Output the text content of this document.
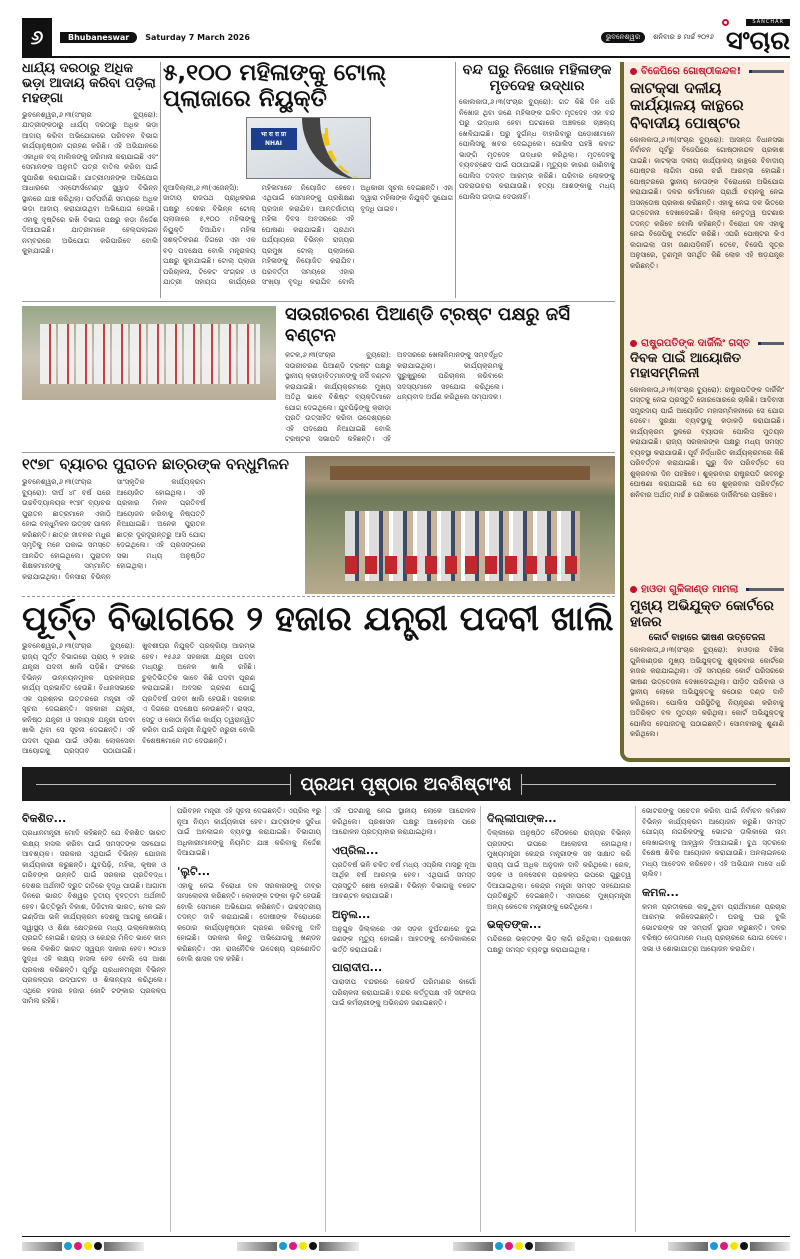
୬	Bhubaneswar	Saturday 7 March 2026	ଭୁବନେଶ୍ୱର	ଶନିବାର ୭ ମାର୍ଚ୍ଚ ୨୦୨୬
SANCHAR
ସଂଚାର
ଧାର୍ଯ୍ୟ ଦରଠାରୁ ଅଧିକ ଭଡ଼ା ଆଦାୟ କରିବା ପଡ଼ିଲା ମହଙ୍ଗା
ଭୁବନେଶ୍ୱର,୬।୩(ସଂଚାର ବ୍ୟୁରୋ): ଯାତ୍ରୀଙ୍କଠାରୁ ଧାର୍ଯ୍ୟ ଦରଠାରୁ ଅଧିକ ଭଡ଼ା ଆଦାୟ କରିବା ଅଭିଯୋଗରେ ପରିବହନ ବିଭାଗ କାର୍ଯ୍ୟାନୁଷ୍ଠାନ ଗ୍ରହଣ କରିଛି। ଏହି ଅଭିଯାନରେ ଏକାଧିକ ବସ୍ ମାଲିକଙ୍କୁ ଜରିମାନା କରାଯାଇଛି ଏବଂ ସେମାନଙ୍କ ଅନୁମତି ପତ୍ର ବାତିଲ କରିବା ପାଇଁ ସୁପାରିଶ କରାଯାଇଛି। ଯାତ୍ରୀମାନଙ୍କ ଅଭିଯୋଗ ଆଧାରରେ ଏନ୍ଫୋର୍ସମେଣ୍ଟ ସ୍କ୍ୱାଡ ବିଭିନ୍ନ ସ୍ଥାନରେ ଯାଞ୍ଚ କରିଥିଲା। ପର୍ବପର୍ବାଣି ସମୟରେ ଅଧିକ ଭଡ଼ା ଆଦାୟ କରାଯାଉଥିବା ଅଭିଯୋଗ ହେଉଛି। ଏହାକୁ ଦୃଷ୍ଟିରେ ରଖି ବିଭାଗ ପକ୍ଷରୁ କଡ଼ା ନିର୍ଦ୍ଦେଶ ଦିଆଯାଇଛି। ଯାତ୍ରୀମାନେ ହେଲ୍ପଲାଇନ ନମ୍ବରରେ ଅଭିଯୋଗ କରିପାରିବେ ବୋଲି କୁହାଯାଇଛି।
୫,୧୦୦ ମହିଳାଙ୍କୁ ଟୋଲ୍ ପ୍ଲାଜାରେ ନିୟୁକ୍ତି
भा रा रा प्रा NHAI
ନୂଆଦିଲ୍ଲୀ,୬।୩(ଏଜେନ୍ସି): ଜାତୀୟ ରାଜପଥ ପ୍ରାଧିକରଣ ପକ୍ଷରୁ ଦେଶର ବିଭିନ୍ନ ଟୋଲ୍ ପ୍ଲାଜାରେ ୫,୧୦୦ ମହିଳାଙ୍କୁ ନିୟୁକ୍ତି ଦିଆଯିବ। ମହିଳା ସଶକ୍ତିକରଣ ଦିଗରେ ଏହା ଏକ ବଡ଼ ପଦକ୍ଷେପ ବୋଲି ମନ୍ତ୍ରାଳୟ ପକ୍ଷରୁ କୁହାଯାଇଛି। ଟୋଲ୍ ପ୍ଲାଜା ପରିଚାଳନା, ଟିକେଟ ସଂଗ୍ରହ ଓ ଯାତ୍ରୀ ସହାୟତା କାର୍ଯ୍ୟରେ ମହିଳାମାନେ ନିୟୋଜିତ ହେବେ। ଏଥିପାଇଁ ସେମାନଙ୍କୁ ପ୍ରଶିକ୍ଷଣ ପ୍ରଦାନ କରାଯିବ। ଆନ୍ତର୍ଜାତୀୟ ମହିଳା ଦିବସ ଅବସରରେ ଏହି ଘୋଷଣା କରାଯାଇଛି। ପ୍ରଥମ ପର୍ଯ୍ୟାୟରେ ବିଭିନ୍ନ ରାଜ୍ୟର ପ୍ରମୁଖ ଟୋଲ୍ ପ୍ଲାଜାରେ ମହିଳାଙ୍କୁ ନିୟୋଜିତ କରାଯିବ। ପରବର୍ତ୍ତୀ ସମୟରେ ଏହାର ସଂଖ୍ୟା ବୃଦ୍ଧି କରାଯିବ ବୋଲି ଅଧିକାରୀ ସୂଚନା ଦେଇଛନ୍ତି। ଏହା ଦ୍ୱାରା ମହିଳାଙ୍କ ନିଯୁକ୍ତି ସୁଯୋଗ ବୃଦ୍ଧି ପାଇବ।
ବନ୍ଦ ଘରୁ ନିଖୋଜ ମହିଳାଙ୍କ ମୃତଦେହ ଉଦ୍ଧାର
କୋଲକାତା,୬।୩(ସଂଚାର ବ୍ୟୁରୋ): ଗତ କିଛି ଦିନ ଧରି ନିଖୋଜ ଥିବା ଜଣେ ମହିଳାଙ୍କ ଗଳିତ ମୃତଦେହ ଏକ ବନ୍ଦ ଘରୁ ଉଦ୍ଧାର ହେବା ଘଟଣାରେ ଅଞ୍ଚଳରେ ଚାଞ୍ଚଲ୍ୟ ଖେଳିଯାଇଛି। ଘରୁ ଦୁର୍ଗନ୍ଧ ବାହାରିବାରୁ ପଡ଼ୋଶୀମାନେ ପୋଲିସକୁ ଖବର ଦେଇଥିଲେ। ପୋଲିସ ପହଞ୍ଚି କବାଟ ଭାଙ୍ଗି ମୃତଦେହ ଉଦ୍ଧାର କରିଥିଲା। ମୃତଦେହକୁ ବ୍ୟବଚ୍ଛେଦ ପାଇଁ ପଠାଯାଇଛି। ମୃତ୍ୟୁର କାରଣ ଜାଣିବାକୁ ପୋଲିସ ତଦନ୍ତ ଆରମ୍ଭ କରିଛି। ପରିବାର ଲୋକଙ୍କୁ ପଚରାଉଚରା କରାଯାଉଛି। ହତ୍ୟା ଆଶଙ୍କାକୁ ମଧ୍ୟ ପୋଲିସ ଉଡ଼ାଇ ଦେଉନାହିଁ।
ବିଜେପିରେ ଗୋଷ୍ଠୀକନ୍ଦଳ!
କାଟକ୍ସା ଦଳୀୟ କାର୍ଯ୍ୟାଳୟ କାନ୍ଥରେ ବିବାଦୀୟ ପୋଷ୍ଟର
କୋଲକାତା,୬।୩(ସଂଚାର ବ୍ୟୁରୋ): ଆସନ୍ତା ବିଧାନସଭା ନିର୍ବାଚନ ପୂର୍ବରୁ ବିଜେପିରେ ଗୋଷ୍ଠୀକନ୍ଦଳ ପ୍ରକାଶ ପାଇଛି। କାଟକ୍ସା ଦଳୀୟ କାର୍ଯ୍ୟାଳୟ କାନ୍ଥରେ ବିବାଦୀୟ ପୋଷ୍ଟର ଲାଗିବା ପରେ ଚର୍ଚ୍ଚା ଆରମ୍ଭ ହୋଇଛି। ପୋଷ୍ଟରରେ ସ୍ଥାନୀୟ ନେତାଙ୍କ ବିରୋଧରେ ଅଭିଯୋଗ କରାଯାଇଛି। ଦଳର କର୍ମୀମାନେ ପ୍ରାର୍ଥୀ ଚୟନକୁ ନେଇ ଅସନ୍ତୋଷ ପ୍ରକାଶ କରିଛନ୍ତି। ଏହାକୁ ନେଇ ଦଳ ଭିତରେ ଉତ୍ତେଜନା ଦେଖାଦେଇଛି। ଜିଲ୍ଲା ନେତୃତ୍ୱ ଘଟଣାର ତଦନ୍ତ କରିବେ ବୋଲି କହିଛନ୍ତି। ବିରୋଧୀ ଦଳ ଏହାକୁ ନେଇ ବିଜେପିକୁ ଟାର୍ଗେଟ କରିଛି। ଏପରି ପୋଷ୍ଟର କିଏ ଲଗାଇଲା ତାହା ଜଣାପଡ଼ିନାହିଁ। ତେବେ, ବିଜେପି ସୂତ୍ର ଅନୁସାରେ, ତୃଣମୂଳ ସମର୍ଥିତ କିଛି ଲୋକ ଏହି ଷଡ଼ଯନ୍ତ୍ର କରିଛନ୍ତି।
ରାଷ୍ଟ୍ରପତିଙ୍କ ଦାର୍ଜିଲିଂ ଗସ୍ତ
ଦିବକ ପାଇଁ ଆୟୋଜିତ ମହାସମ୍ମିଳନୀ
କୋଲକାତା,୬।୩(ସଂଚାର ବ୍ୟୁରୋ): ରାଷ୍ଟ୍ରପତିଙ୍କ ଦାର୍ଜିଲିଂ ଗସ୍ତକୁ ନେଇ ପ୍ରସ୍ତୁତି ଜୋରସୋରରେ ଚାଲିଛି। ଆଦିବାସୀ ସମ୍ପ୍ରଦାୟ ପାଇଁ ଆୟୋଜିତ ମହାସମ୍ମିଳନୀରେ ସେ ଯୋଗ ଦେବେ। ସୁରକ୍ଷା ବ୍ୟବସ୍ଥାକୁ କଡ଼ାକଡ଼ି କରାଯାଇଛି। କାର୍ଯ୍ୟକ୍ରମ ସ୍ଥଳରେ ବ୍ୟାପକ ପୋଲିସ ମୁତୟନ କରାଯାଇଛି। ରାଜ୍ୟ ସରକାରଙ୍କ ପକ୍ଷରୁ ମଧ୍ୟ ସମସ୍ତ ବ୍ୟବସ୍ଥା କରାଯାଉଛି। ପୂର୍ବ ନିର୍ଦ୍ଧାରିତ କାର୍ଯ୍ୟକ୍ରମରେ କିଛି ପରିବର୍ତ୍ତନ କରାଯାଇଛି। ଗୁରୁ ଦିନ ପରିବର୍ତ୍ତେ ସେ ଶୁକ୍ରବାର ଦିନ ପହଞ୍ଚିବେ। ଶୁକ୍ରବାର ରାଷ୍ଟ୍ରପତି ଭବନରୁ ଘୋଷଣା କରାଯାଇଛି ଯେ ସେ ଶୁକ୍ରବାର ପରିବର୍ତ୍ତେ ଶନିବାର ଅର୍ଥାତ୍ ମାର୍ଚ୍ଚ ୭ ତାରିଖରେ ଦାର୍ଜିଲିଂରେ ପହଞ୍ଚିବେ।
ହାଓଡା ଗୁଳିକାଣ୍ଡ ମାମଲା
ମୁଖ୍ୟ ଅଭିଯୁକ୍ତ କୋର୍ଟରେ ହାଜର
କୋର୍ଟ ବାହାରେ ଭୀଷଣ ଉତ୍ତେଜନା
କୋଲକାତା,୬।୩(ସଂଚାର ବ୍ୟୁରୋ): ହାଓଡ଼ାର ଚିଞ୍ଚିଳା ଗୁଳିକାଣ୍ଡର ମୁଖ୍ୟ ଅଭିଯୁକ୍ତକୁ ଶୁକ୍ରବାର କୋର୍ଟରେ ହାଜର କରାଯାଇଥିଲା। ଏହି ସମୟରେ କୋର୍ଟ ପରିସରରେ ଭୀଷଣ ଉତ୍ତେଜନା ଦେଖାଦେଇଥିଲା। ପୀଡ଼ିତ ପରିବାର ଓ ସ୍ଥାନୀୟ ଲୋକେ ଅଭିଯୁକ୍ତକୁ କଠୋର ଦଣ୍ଡ ଦାବି କରିଥିଲେ। ପୋଲିସ ପରିସ୍ଥିତିକୁ ନିୟନ୍ତ୍ରଣ କରିବାକୁ ଅତିରିକ୍ତ ବଳ ମୁତୟନ କରିଥିଲା। କୋର୍ଟ ଅଭିଯୁକ୍ତକୁ ପୋଲିସ ହେପାଜତକୁ ପଠାଇଛନ୍ତି। ସୋମବାରକୁ ଶୁଣାଣି କରିଥିଲେ।
ସଉରୀଚରଣ ପିଆଣ୍ଡି ଟ୍ରଷ୍ଟ ପକ୍ଷରୁ ଜର୍ସି ବଣ୍ଟନ
କଟକ,୬।୩(ସଂଚାର ବ୍ୟୁରୋ): ସଉରୀଚରଣ ପିଆଣ୍ଡି ଟ୍ରଷ୍ଟ ପକ୍ଷରୁ ସ୍ଥାନୀୟ କ୍ରୀଡ଼ାବିତ୍ମାନଙ୍କୁ ଜର୍ସି ବଣ୍ଟନ କରାଯାଇଛି। କାର୍ଯ୍ୟକ୍ରମରେ ମୁଖ୍ୟ ଅତିଥି ଭାବେ ବିଶିଷ୍ଟ ବ୍ୟକ୍ତିମାନେ ଯୋଗ ଦେଇଥିଲେ। ଯୁବପିଢ଼ିଙ୍କୁ କ୍ରୀଡ଼ା ପ୍ରତି ଉତ୍ସାହିତ କରିବା ଉଦ୍ଦେଶ୍ୟରେ ଏହି ପଦକ୍ଷେପ ନିଆଯାଇଛି ବୋଲି ଟ୍ରଷ୍ଟର ସଭାପତି କହିଛନ୍ତି। ଏହି ଅବସରରେ ଖେଳାଳିମାନଙ୍କୁ ସମ୍ବର୍ଦ୍ଧିତ କରାଯାଇଥିଲା। କାର୍ଯ୍ୟକ୍ରମକୁ ସୁରୁଖୁରୁରେ ପରିଚାଳନା କରିବାରେ ସଦସ୍ୟମାନେ ସହଯୋଗ କରିଥିଲେ। ଧନ୍ୟବାଦ ଅର୍ପଣ କରିଥିଲେ ସମ୍ପାଦକ।
୧୯୭୮ ବ୍ୟାଚର ପୁରାତନ ଛାତ୍ରଙ୍କ ବନ୍ଧୁମିଳନ
ଭୁବନେଶ୍ୱର,୬।୩(ସଂଚାର ବ୍ୟୁରୋ): ଦୀର୍ଘ ୪୮ ବର୍ଷ ପରେ ଉଚ୍ଚବିଦ୍ୟାଳୟର ୧୯୭୮ ବ୍ୟାଚର ପୁରାତନ ଛାତ୍ରମାନେ ଏକାଠି ହୋଇ ବନ୍ଧୁମିଳନ ଉତ୍ସବ ପାଳନ କରିଛନ୍ତି। ଛାତ୍ର ଜୀବନର ମଧୁର ସ୍ମୃତିକୁ ମନେ ପକାଇ ସମସ୍ତେ ଆନନ୍ଦିତ ହୋଇଥିଲେ। ପୁରାତନ ଶିକ୍ଷକମାନଙ୍କୁ ସମ୍ମାନିତ କରାଯାଇଥିଲା। ଦିନସାରା ବିଭିନ୍ନ ସାଂସ୍କୃତିକ କାର୍ଯ୍ୟକ୍ରମ ଆୟୋଜିତ ହୋଇଥିଲା। ଏହି ପ୍ରକାର ମିଳନ ପ୍ରତିବର୍ଷ ଆୟୋଜନ କରିବାକୁ ନିଷ୍ପତ୍ତି ନିଆଯାଇଛି। ଅନେକ ପୁରାତନ ଛାତ୍ର ଦୂରଦୂରାନ୍ତରୁ ଆସି ଯୋଗ ଦେଇଥିଲେ। ଏହି ପ୍ରସଙ୍ଗରେ ସଭା ମଧ୍ୟ ଅନୁଷ୍ଠିତ ହୋଇଥିଲା।
ପୂର୍ତ୍ତ ବିଭାଗରେ ୨ ହଜାର ଯନ୍ତ୍ରୀ ପଦବୀ ଖାଲି
ଭୁବନେଶ୍ୱର,୬।୩(ସଂଚାର ବ୍ୟୁରୋ): ରାଜ୍ୟ ପୂର୍ତ୍ତ ବିଭାଗରେ ପ୍ରାୟ ୨ ହଜାର ଯନ୍ତ୍ରୀ ପଦବୀ ଖାଲି ପଡ଼ିଛି। ଫଳରେ ବିଭିନ୍ନ ଉନ୍ନୟନମୂଳକ ପ୍ରକଳ୍ପର କାର୍ଯ୍ୟ ପ୍ରଭାବିତ ହେଉଛି। ବିଧାନସଭାରେ ଏକ ପ୍ରଶ୍ନର ଉତ୍ତରରେ ମନ୍ତ୍ରୀ ଏହି ସୂଚନା ଦେଇଛନ୍ତି। ସହକାରୀ ଯନ୍ତ୍ରୀ, କନିଷ୍ଠ ଯନ୍ତ୍ରୀ ଓ ସହାୟକ ଯନ୍ତ୍ରୀ ପଦବୀ ଖାଲି ଥିବା ସେ ସୂଚନା ଦେଇଛନ୍ତି। ଏହି ପଦବୀ ପୂରଣ ପାଇଁ ଓଡ଼ିଶା ଲୋକସେବା ଆୟୋଗକୁ ପ୍ରସ୍ତାବ ପଠାଯାଇଛି। ଖୁବଶୀଘ୍ର ନିଯୁକ୍ତି ପ୍ରକ୍ରିୟା ଆରମ୍ଭ ହେବ। ୧୫୬୬ ସହକାରୀ ଯନ୍ତ୍ରୀ ପଦବୀ ମଧ୍ୟରୁ ଅନେକ ଖାଲି ରହିଛି। ଚୁକ୍ତିଭିତ୍ତିକ ଭାବେ କିଛି ପଦବୀ ପୂରଣ କରାଯାଇଛି। ଅବସର ଗ୍ରହଣ ଯୋଗୁଁ ପ୍ରତିବର୍ଷ ପଦବୀ ଖାଲି ହେଉଛି। ସରକାର ଏ ଦିଗରେ ପଦକ୍ଷେପ ନେଉଛନ୍ତି। ରାସ୍ତା, ସେତୁ ଓ କୋଠା ନିର୍ମାଣ କାର୍ଯ୍ୟ ତ୍ୱରାନ୍ୱିତ କରିବା ପାଇଁ ଯନ୍ତ୍ରୀ ନିଯୁକ୍ତି ଜରୁରୀ ବୋଲି ବିଶେଷଜ୍ଞମାନେ ମତ ଦେଉଛନ୍ତି।
ପ୍ରଥମ ପୃଷ୍ଠାର ଅବଶିଷ୍ଟାଂଶ
ବିକଶିତ...
ପ୍ରଧାନମନ୍ତ୍ରୀ ମୋଦି କହିଛନ୍ତି ଯେ ବିକଶିତ ଭାରତ ଲକ୍ଷ୍ୟ ହାସଲ କରିବା ପାଇଁ ସମସ୍ତଙ୍କ ସହଯୋଗ ଆବଶ୍ୟକ। ସରକାର ଏଥିପାଇଁ ବିଭିନ୍ନ ଯୋଜନା କାର୍ଯ୍ୟକାରୀ କରୁଛନ୍ତି। ଯୁବପିଢ଼ି, ମହିଳା, କୃଷକ ଓ ଗରିବଙ୍କ ଉନ୍ନତି ପାଇଁ ସରକାର ପ୍ରତିବଦ୍ଧ। ଦେଶର ଅର୍ଥନୀତି ଦ୍ରୁତ ଗତିରେ ବୃଦ୍ଧି ପାଉଛି। ଆଗାମୀ ଦିନରେ ଭାରତ ବିଶ୍ୱର ତୃତୀୟ ବୃହତ୍ତମ ଅର୍ଥନୀତି ହେବ। ଭିତ୍ତିଭୂମି ବିକାଶ, ଡିଜିଟାଲ ଭାରତ, ମେକ ଇନ ଇଣ୍ଡିଆ ଭଳି କାର୍ଯ୍ୟକ୍ରମ ଦେଶକୁ ଆଗକୁ ନେଉଛି। ସ୍ୱାସ୍ଥ୍ୟ ଓ ଶିକ୍ଷା କ୍ଷେତ୍ରରେ ମଧ୍ୟ ଉଲ୍ଲେଖନୀୟ ପ୍ରଗତି ହୋଇଛି। ରାଜ୍ୟ ଓ କେନ୍ଦ୍ର ମିଳିତ ଭାବେ କାମ କଲେ ବିକଶିତ ଭାରତ ସ୍ୱପ୍ନ ସାକାର ହେବ। ୨୦୪୭ ସୁଦ୍ଧା ଏହି ଲକ୍ଷ୍ୟ ହାସଲ ହେବ ବୋଲି ସେ ଆଶା ପ୍ରକାଶ କରିଛନ୍ତି। ପୂର୍ବରୁ ପ୍ରଧାନମନ୍ତ୍ରୀ ବିଭିନ୍ନ ପ୍ରକଳ୍ପର ଉଦ୍‌ଘାଟନ ଓ ଶିଳାନ୍ୟାସ କରିଥିଲେ। ଏଥିରେ ହଜାର ହଜାର କୋଟି ଟଙ୍କାର ପ୍ରକଳ୍ପ ସାମିଲ ରହିଛି।
ପରିବହନ ମନ୍ତ୍ରୀ ଏହି ସୂଚନା ଦେଇଛନ୍ତି। ଏପ୍ରିଲ ୧ରୁ ନୂଆ ନିୟମ କାର୍ଯ୍ୟକାରୀ ହେବ। ଯାତ୍ରୀଙ୍କ ସୁବିଧା ପାଇଁ ଅନଲାଇନ ବ୍ୟବସ୍ଥା କରାଯାଇଛି। ବିଭାଗୀୟ ଅଧିକାରୀମାନଙ୍କୁ ନିୟମିତ ଯାଞ୍ଚ କରିବାକୁ ନିର୍ଦ୍ଦେଶ ଦିଆଯାଇଛି।
'ଲୁଟି...
ଏହାକୁ ନେଇ ବିରୋଧୀ ଦଳ ସରକାରଙ୍କୁ ତୀବ୍ର ସମାଲୋଚନା କରିଛନ୍ତି। ଲୋକଙ୍କ ଟଙ୍କା ଲୁଟି ହେଉଛି ବୋଲି ସେମାନେ ଅଭିଯୋଗ କରିଛନ୍ତି। ଉଚ୍ଚସ୍ତରୀୟ ତଦନ୍ତ ଦାବି କରାଯାଇଛି। ଦୋଷୀଙ୍କ ବିରୋଧରେ କଠୋର କାର୍ଯ୍ୟାନୁଷ୍ଠାନ ଗ୍ରହଣ କରିବାକୁ ଦାବି ହୋଇଛି। ସରକାର କିନ୍ତୁ ଅଭିଯୋଗକୁ ଖଣ୍ଡନ କରିଛନ୍ତି। ଏହା ରାଜନୈତିକ ଉଦ୍ଦେଶ୍ୟ ପ୍ରଣୋଦିତ ବୋଲି ଶାସକ ଦଳ କହିଛି।
ଏହି ଘଟଣାକୁ ନେଇ ସ୍ଥାନୀୟ ଲୋକେ ଆନ୍ଦୋଳନ କରିଥିଲେ। ପ୍ରଶାସନ ପକ୍ଷରୁ ଆଲୋଚନା ପରେ ଆନ୍ଦୋଳନ ପ୍ରତ୍ୟାହାର କରାଯାଇଥିଲା।
ଏପ୍ରିଲ...
ପ୍ରତିବର୍ଷ ଭଳି ଚଳିତ ବର୍ଷ ମଧ୍ୟ ଏପ୍ରିଲ ମାସରୁ ନୂଆ ଆର୍ଥିକ ବର୍ଷ ଆରମ୍ଭ ହେବ। ଏଥିପାଇଁ ସମସ୍ତ ପ୍ରସ୍ତୁତି ଶେଷ ହୋଇଛି। ବିଭିନ୍ନ ବିଭାଗକୁ ବଜେଟ ଆବଣ୍ଟନ କରାଯାଇଛି।
ଅନୁଲ...
ଅନୁଗୁଳ ଜିଲ୍ଲାରେ ଏକ ସଡ଼କ ଦୁର୍ଘଟଣାରେ ଦୁଇ ଜଣଙ୍କ ମୃତ୍ୟୁ ହୋଇଛି। ଆହତଙ୍କୁ ମେଡିକାଲରେ ଭର୍ତ୍ତି କରାଯାଇଛି।
ପାରାଦୀପ...
ପାରାଦୀପ ବନ୍ଦରରେ ରେକର୍ଡ ପରିମାଣର କାର୍ଗୋ ପରିଚାଳନା କରାଯାଇଛି। ବନ୍ଦର କର୍ତ୍ତୃପକ୍ଷ ଏହି ସଫଳତା ପାଇଁ କର୍ମଚାରୀଙ୍କୁ ଅଭିନନ୍ଦନ ଜଣାଇଛନ୍ତି।
ଦିଲ୍ଲୀପାଙ୍କ...
ଦିଲ୍ଲୀରେ ଅନୁଷ୍ଠିତ ବୈଠକରେ ରାଜ୍ୟର ବିଭିନ୍ନ ପ୍ରସଙ୍ଗ ଉପରେ ଆଲୋଚନା ହୋଇଥିଲା। ମୁଖ୍ୟମନ୍ତ୍ରୀ କେନ୍ଦ୍ର ମନ୍ତ୍ରୀଙ୍କ ସହ ସାକ୍ଷାତ କରି ରାଜ୍ୟ ପାଇଁ ଅଧିକ ଅନୁଦାନ ଦାବି କରିଥିଲେ। ରେଳ, ସଡ଼କ ଓ ଜଳସେଚନ ପ୍ରକଳ୍ପ ଉପରେ ଗୁରୁତ୍ୱ ଦିଆଯାଇଥିଲା। କେନ୍ଦ୍ର ମନ୍ତ୍ରୀ ସମସ୍ତ ସହଯୋଗର ପ୍ରତିଶ୍ରୁତି ଦେଇଛନ୍ତି। ଏହାପରେ ମୁଖ୍ୟମନ୍ତ୍ରୀ ଅନ୍ୟ କେତେକ ମନ୍ତ୍ରୀଙ୍କୁ ଭେଟିଥିଲେ।
ଭକ୍ତଙ୍କ...
ମନ୍ଦିରରେ ଭକ୍ତଙ୍କ ଭିଡ଼ ଲାଗି ରହିଥିଲା। ପ୍ରଶାସନ ପକ୍ଷରୁ ସମସ୍ତ ବ୍ୟବସ୍ଥା କରାଯାଇଥିଲା।
ଭୋଟରଙ୍କୁ ସଚେତନ କରିବା ପାଇଁ ନିର୍ବାଚନ କମିଶନ ବିଭିନ୍ନ କାର୍ଯ୍ୟକ୍ରମ ଆୟୋଜନ କରୁଛି। ସମସ୍ତ ଯୋଗ୍ୟ ନାଗରିକଙ୍କୁ ଭୋଟର ତାଲିକାରେ ନାମ ଲେଖାଇବାକୁ ଆହ୍ୱାନ ଦିଆଯାଇଛି। ବୁଥ ସ୍ତରରେ ବିଶେଷ ଶିବିର ଆୟୋଜନ କରାଯାଉଛି। ଅନଲାଇନରେ ମଧ୍ୟ ଆବେଦନ କରିହେବ। ଏହି ଅଭିଯାନ ମାସେ ଧରି ଚାଲିବ।
କମଳ...
କମଳ ପ୍ରତୀକରେ ଲଢ଼ୁଥିବା ପ୍ରାର୍ଥୀମାନେ ପ୍ରଚାର ଆରମ୍ଭ କରିଦେଇଛନ୍ତି। ଘରକୁ ଘର ବୁଲି ଭୋଟରଙ୍କ ସହ ସମ୍ପର୍କ ସ୍ଥାପନ କରୁଛନ୍ତି। ଦଳର ବରିଷ୍ଠ ନେତାମାନେ ମଧ୍ୟ ପ୍ରଚାରରେ ଯୋଗ ଦେବେ। ସଭା ଓ ଶୋଭାଯାତ୍ରା ଆୟୋଜନ କରାଯିବ।
